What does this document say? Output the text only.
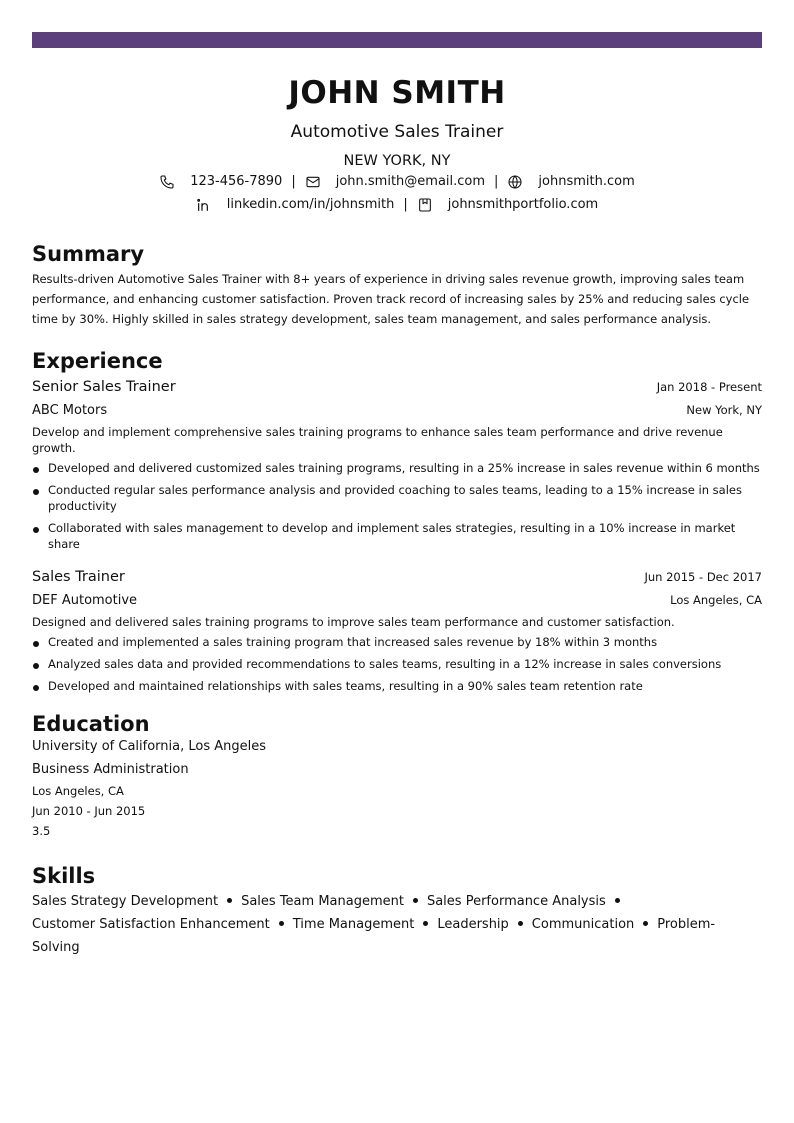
JOHN SMITH
Automotive Sales Trainer
NEW YORK, NY
123-456-7890 |	john.smith@email.com |	johnsmith.com
linkedin.com/in/johnsmith |	johnsmithportfolio.com
Summary
Results-driven Automotive Sales Trainer with 8+ years of experience in driving sales revenue growth, improving sales team performance, and enhancing customer satisfaction. Proven track record of increasing sales by 25% and reducing sales cycle time by 30%. Highly skilled in sales strategy development, sales team management, and sales performance analysis.
Experience
Senior Sales Trainer	Jan 2018 - Present
ABC Motors	New York, NY
Develop and implement comprehensive sales training programs to enhance sales team performance and drive revenue growth.
Developed and delivered customized sales training programs, resulting in a 25% increase in sales revenue within 6 months
Conducted regular sales performance analysis and provided coaching to sales teams, leading to a 15% increase in sales productivity
Collaborated with sales management to develop and implement sales strategies, resulting in a 10% increase in market share
Sales Trainer	Jun 2015 - Dec 2017
DEF Automotive	Los Angeles, CA
Designed and delivered sales training programs to improve sales team performance and customer satisfaction.
Created and implemented a sales training program that increased sales revenue by 18% within 3 months
Analyzed sales data and provided recommendations to sales teams, resulting in a 12% increase in sales conversions
Developed and maintained relationships with sales teams, resulting in a 90% sales team retention rate
Education
University of California, Los Angeles
Business Administration
Los Angeles, CA
Jun 2010 - Jun 2015
3.5
Skills
Sales Strategy Development Sales Team Management Sales Performance Analysis
Customer Satisfaction Enhancement Time Management Leadership Communication Problem-Solving
